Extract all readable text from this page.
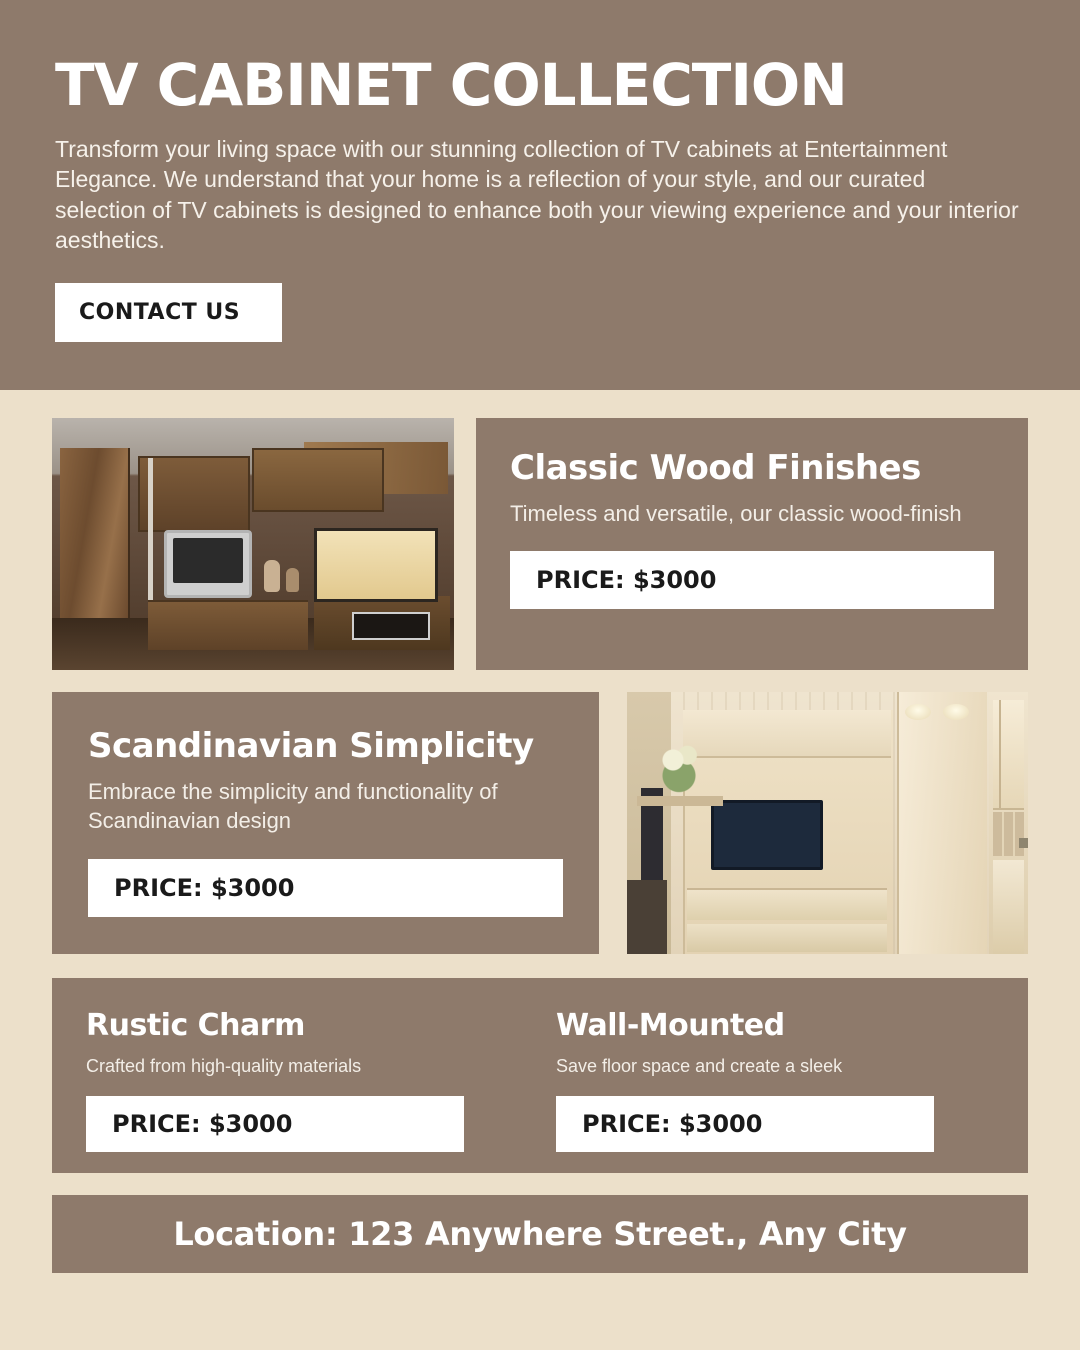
TV CABINET COLLECTION

Transform your living space with our stunning collection of TV cabinets at Entertainment Elegance. We understand that your home is a reflection of your style, and our curated selection of TV cabinets is designed to enhance both your viewing experience and your interior aesthetics.

CONTACT US
Classic Wood Finishes

Timeless and versatile, our classic wood-finish

PRICE: $3000
Scandinavian Simplicity

Embrace the simplicity and functionality of Scandinavian design

PRICE: $3000
Rustic Charm

Crafted from high-quality materials

PRICE: $3000
Wall-Mounted

Save floor space and create a sleek

PRICE: $3000
Location: 123 Anywhere Street., Any City
